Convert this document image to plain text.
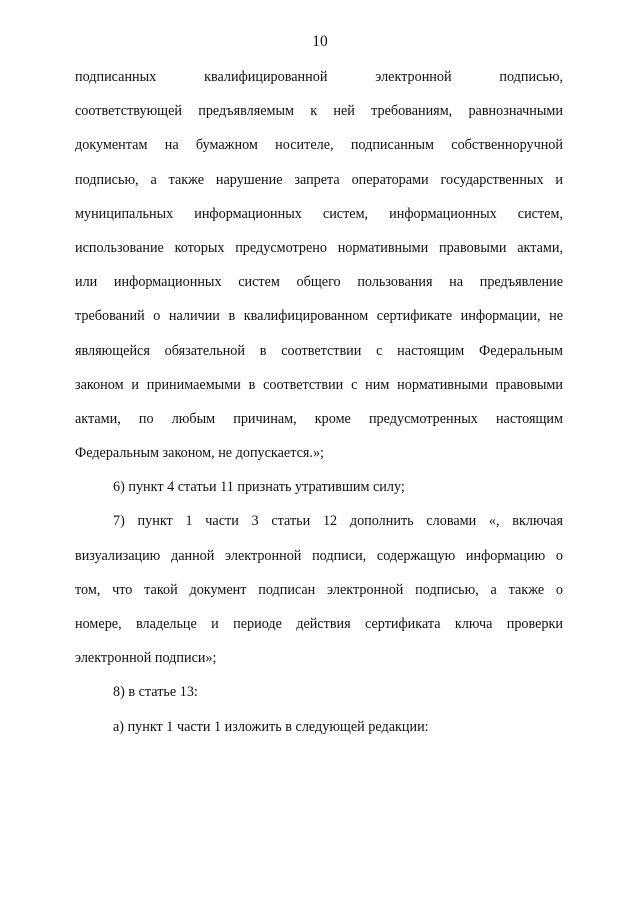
10
подписанных квалифицированной электронной подписью,
соответствующей предъявляемым к ней требованиям, равнозначными
документам на бумажном носителе, подписанным собственноручной
подписью, а также нарушение запрета операторами государственных и
муниципальных информационных систем, информационных систем,
использование которых предусмотрено нормативными правовыми актами,
или информационных систем общего пользования на предъявление
требований о наличии в квалифицированном сертификате информации, не
являющейся обязательной в соответствии с настоящим Федеральным
законом и принимаемыми в соответствии с ним нормативными правовыми
актами, по любым причинам, кроме предусмотренных настоящим
Федеральным законом, не допускается.»;
6) пункт 4 статьи 11 признать утратившим силу;
7) пункт 1 части 3 статьи 12 дополнить словами «, включая
визуализацию данной электронной подписи, содержащую информацию о
том, что такой документ подписан электронной подписью, а также о
номере, владельце и периоде действия сертификата ключа проверки
электронной подписи»;
8) в статье 13:
а) пункт 1 части 1 изложить в следующей редакции:
